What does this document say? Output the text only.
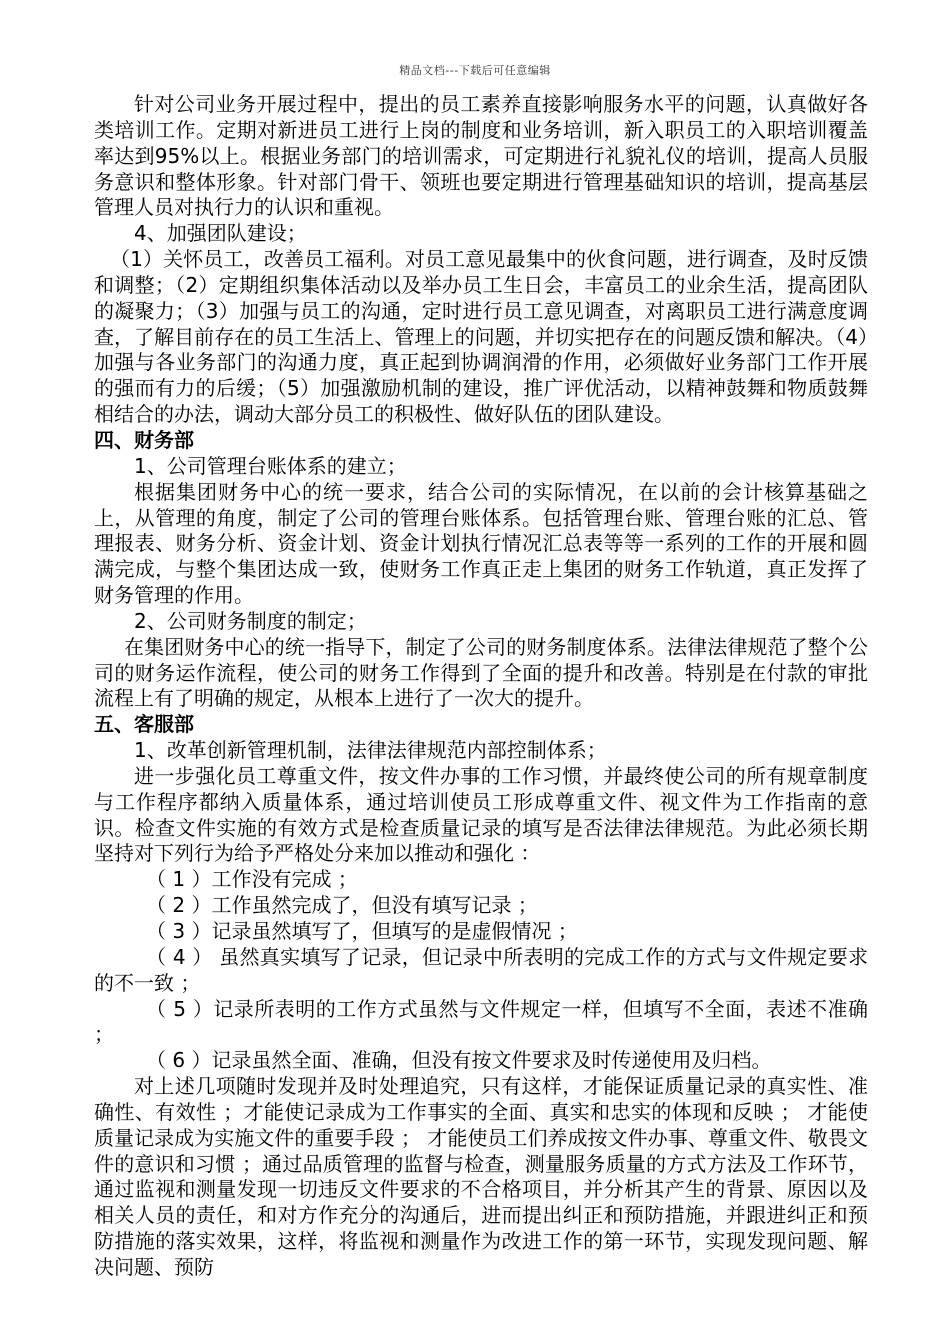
精品文档---下载后可任意编辑

针对公司业务开展过程中，提出的员工素养直接影响服务水平的问题，认真做好各类培训工作。定期对新进员工进行上岗的制度和业务培训，新入职员工的入职培训覆盖率达到95%以上。根据业务部门的培训需求，可定期进行礼貌礼仪的培训，提高人员服务意识和整体形象。针对部门骨干、领班也要定期进行管理基础知识的培训，提高基层管理人员对执行力的认识和重视。

4、加强团队建设；

（1）关怀员工，改善员工福利。对员工意见最集中的伙食问题，进行调查，及时反馈和调整；（2）定期组织集体活动以及举办员工生日会，丰富员工的业余生活，提高团队的凝聚力；（3）加强与员工的沟通，定时进行员工意见调查，对离职员工进行满意度调查，了解目前存在的员工生活上、管理上的问题，并切实把存在的问题反馈和解决。（4）加强与各业务部门的沟通力度，真正起到协调润滑的作用，必须做好业务部门工作开展的强而有力的后缓；（5）加强激励机制的建设，推广评优活动，以精神鼓舞和物质鼓舞相结合的办法，调动大部分员工的积极性、做好队伍的团队建设。

四、财务部

1、公司管理台账体系的建立；

根据集团财务中心的统一要求，结合公司的实际情况，在以前的会计核算基础之上，从管理的角度，制定了公司的管理台账体系。包括管理台账、管理台账的汇总、管理报表、财务分析、资金计划、资金计划执行情况汇总表等等一系列的工作的开展和圆满完成，与整个集团达成一致，使财务工作真正走上集团的财务工作轨道，真正发挥了财务管理的作用。

2、公司财务制度的制定；

在集团财务中心的统一指导下，制定了公司的财务制度体系。法律法律规范了整个公司的财务运作流程，使公司的财务工作得到了全面的提升和改善。特别是在付款的审批流程上有了明确的规定，从根本上进行了一次大的提升。

五、客服部

1、改革创新管理机制，法律法律规范内部控制体系；

进一步强化员工尊重文件，按文件办事的工作习惯，并最终使公司的所有规章制度与工作程序都纳入质量体系，通过培训使员工形成尊重文件、视文件为工作指南的意识。检查文件实施的有效方式是检查质量记录的填写是否法律法律规范。为此必须长期坚持对下列行为给予严格处分来加以推动和强化 ：

（ 1 ）工作没有完成 ；

（ 2 ）工作虽然完成了，但没有填写记录 ；

（ 3 ）记录虽然填写了，但填写的是虚假情况 ；

（ 4 ） 虽然真实填写了记录，但记录中所表明的完成工作的方式与文件规定要求的不一致 ；

（ 5 ）记录所表明的工作方式虽然与文件规定一样，但填写不全面，表述不准确 ；

（ 6 ）记录虽然全面、准确，但没有按文件要求及时传递使用及归档。

对上述几项随时发现并及时处理追究，只有这样，才能保证质量记录的真实性、准确性、有效性 ；才能使记录成为工作事实的全面、真实和忠实的体现和反映 ； 才能使质量记录成为实施文件的重要手段 ； 才能使员工们养成按文件办事、尊重文件、敬畏文件的意识和习惯 ；通过品质管理的监督与检查，测量服务质量的方式方法及工作环节，通过监视和测量发现一切违反文件要求的不合格项目，并分析其产生的背景、原因以及相关人员的责任，和对方作充分的沟通后，进而提出纠正和预防措施，并跟进纠正和预防措施的落实效果，这样，将监视和测量作为改进工作的第一环节，实现发现问题、解决问题、预防
